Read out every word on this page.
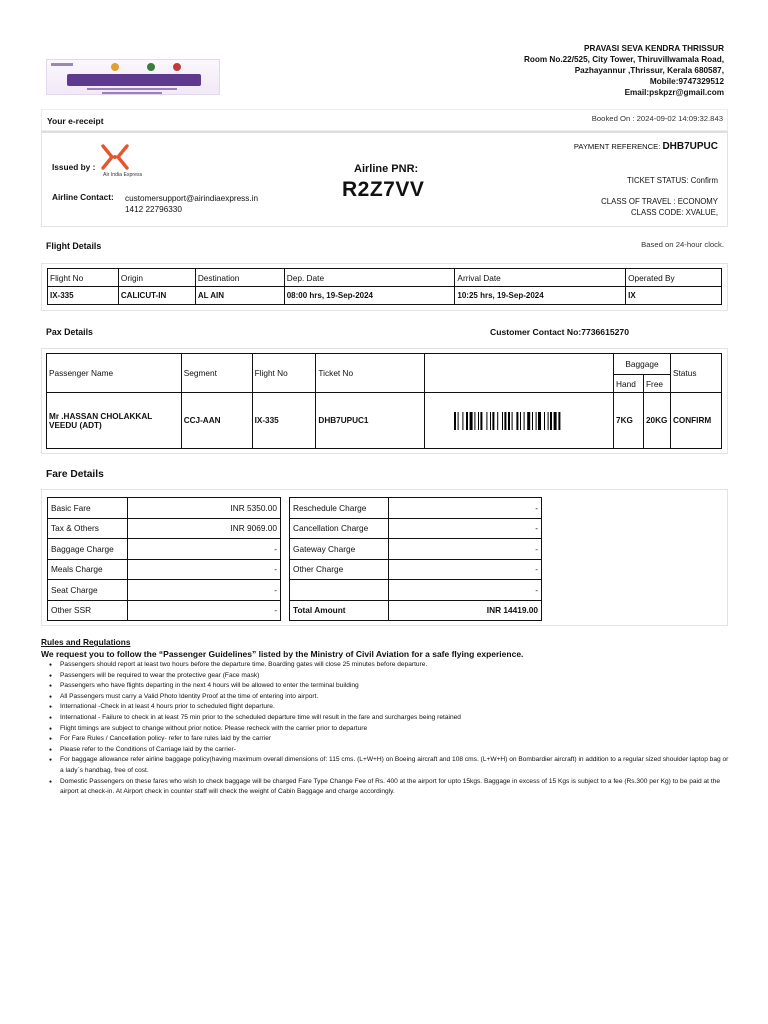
PRAVASI SEVA KENDRA THRISSUR
Room No.22/525, City Tower, Thiruvillwamala Road,
Pazhayannur ,Thrissur, Kerala 680587,
Mobile:9747329512
Email:pskpzr@gmail.com
Your e-receipt	Booked On : 2024-09-02 14:09:32.843
Issued by :
Air India Express
Airline Contact: customersupport@airindiaexpress.in
1412 22796330
Airline PNR:
R2Z7VV
PAYMENT REFERENCE: DHB7UPUC
TICKET STATUS: Confirm
CLASS OF TRAVEL : ECONOMY
CLASS CODE: XVALUE,
Flight Details	Based on 24-hour clock.
Flight No	Origin	Destination	Dep. Date	Arrival Date	Operated By
IX-335	CALICUT-IN	AL AIN	08:00 hrs, 19-Sep-2024	10:25 hrs, 19-Sep-2024	IX
Pax Details	Customer Contact No:7736615270
Passenger Name	Segment	Flight No	Ticket No		Baggage		Status
					Hand	Free	

Mr .HASSAN CHOLAKKAL
VEEDU (ADT)	CCJ-AAN	IX-335	DHB7UPUC1		7KG	20KG	CONFIRM
Fare Details
Basic Fare	INR 5350.00
Tax & Others	INR 9069.00
Baggage Charge	-
Meals Charge	-
Seat Charge	-
Other SSR	-
Reschedule Charge	-
Cancellation Charge	-
Gateway Charge	-
Other Charge	-
	-
Total Amount	INR 14419.00
Rules and Regulations
We request you to follow the “Passenger Guidelines” listed by the Ministry of Civil Aviation for a safe flying experience.
● Passengers should report at least two hours before the departure time. Boarding gates will close 25 minutes before departure.
● Passengers will be required to wear the protective gear (Face mask)
● Passengers who have flights departing in the next 4 hours will be allowed to enter the terminal building
● All Passengers must carry a Valid Photo Identity Proof at the time of entering into airport.
● International -Check in at least 4 hours prior to scheduled flight departure.
● International - Failure to check in at least 75 min prior to the scheduled departure time will result in the fare and surcharges being retained
● Flight timings are subject to change without prior notice. Please recheck with the carrier prior to departure
● For Fare Rules / Cancellation policy- refer to fare rules laid by the carrier
● Please refer to the Conditions of Carriage laid by the carrier-
● For baggage allowance refer airline baggage policy(having maximum overall dimensions of: 115 cms. (L+W+H) on Boeing aircraft and 108 cms. (L+W+H) on Bombardier aircraft) in addition to a regular sized shoulder laptop bag or a lady`s handbag, free of cost.
● Domestic Passengers on these fares who wish to check baggage will be charged Fare Type Change Fee of Rs. 400 at the airport for upto 15kgs. Baggage in excess of 15 Kgs is subject to a fee (Rs.300 per Kg) to be paid at the airport at check-in. At Airport check in counter staff will check the weight of Cabin Baggage and charge accordingly.
